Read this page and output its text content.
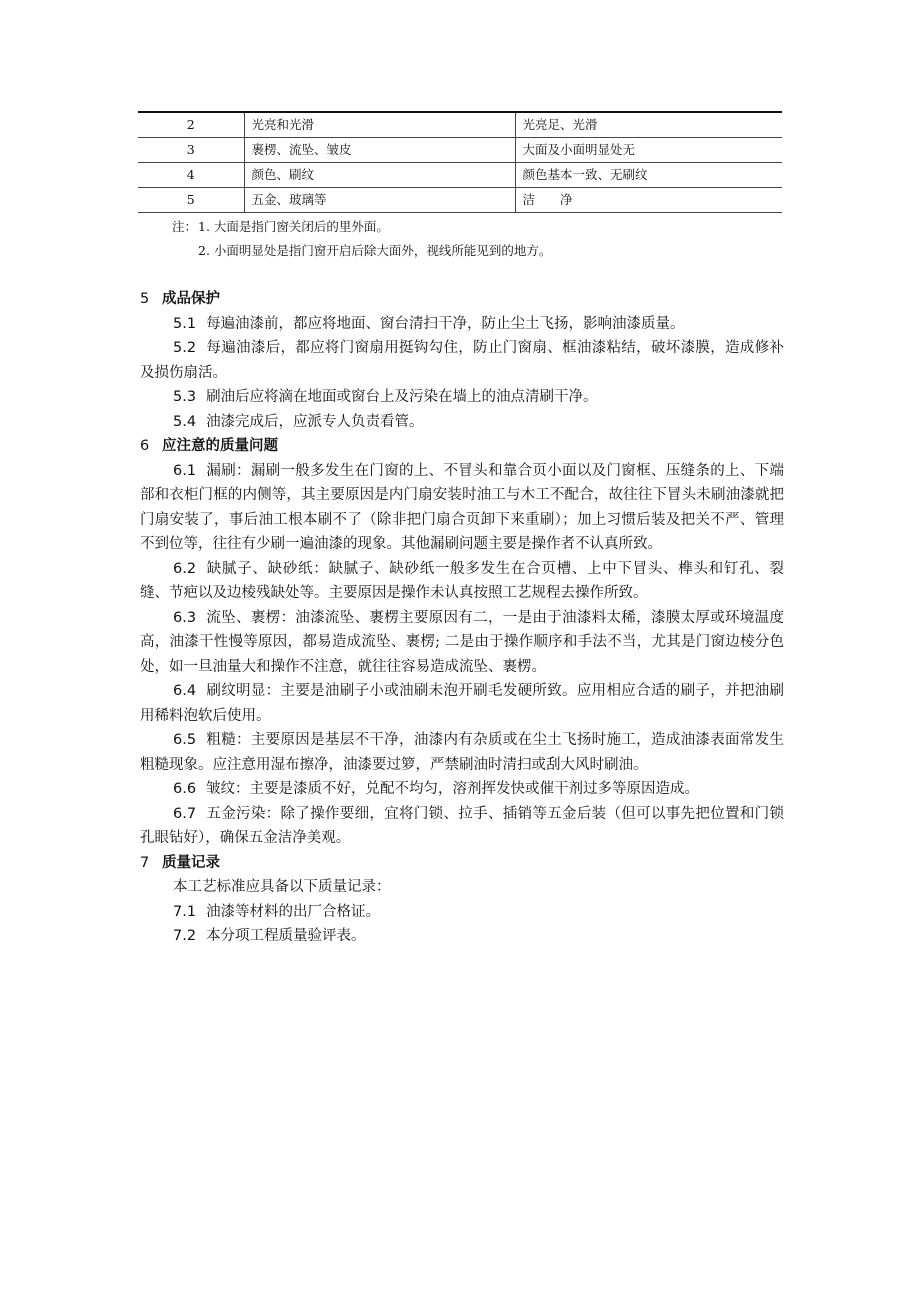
2	光亮和光滑	光亮足、光滑
3	裹楞、流坠、皱皮	大面及小面明显处无
4	颜色、刷纹	颜色基本一致、无刷纹
5	五金、玻璃等	洁　　净
注：1. 大面是指门窗关闭后的里外面。
2. 小面明显处是指门窗开启后除大面外，视线所能见到的地方。
5 成品保护
5.1 每遍油漆前，都应将地面、窗台清扫干净，防止尘土飞扬，影响油漆质量。
5.2 每遍油漆后，都应将门窗扇用挺钩勾住，防止门窗扇、框油漆粘结，破坏漆膜，造成修补及损伤扇活。
5.3 刷油后应将滴在地面或窗台上及污染在墙上的油点清刷干净。
5.4 油漆完成后，应派专人负责看管。
6 应注意的质量问题
6.1 漏刷：漏刷一般多发生在门窗的上、不冒头和靠合页小面以及门窗框、压缝条的上、下端部和衣柜门框的内侧等，其主要原因是内门扇安装时油工与木工不配合，故往往下冒头未刷油漆就把门扇安装了，事后油工根本刷不了（除非把门扇合页卸下来重刷）；加上习惯后装及把关不严、管理不到位等，往往有少刷一遍油漆的现象。其他漏刷问题主要是操作者不认真所致。
6.2 缺腻子、缺砂纸：缺腻子、缺砂纸一般多发生在合页槽、上中下冒头、榫头和钉孔、裂缝、节疤以及边棱残缺处等。主要原因是操作未认真按照工艺规程去操作所致。
6.3 流坠、裹楞：油漆流坠、裹楞主要原因有二，一是由于油漆料太稀，漆膜太厚或环境温度高，油漆干性慢等原因，都易造成流坠、裹楞; 二是由于操作顺序和手法不当，尤其是门窗边棱分色处，如一旦油量大和操作不注意，就往往容易造成流坠、裹楞。
6.4 刷纹明显：主要是油刷子小或油刷未泡开刷毛发硬所致。应用相应合适的刷子，并把油刷用稀料泡软后使用。
6.5 粗糙：主要原因是基层不干净，油漆内有杂质或在尘土飞扬时施工，造成油漆表面常发生粗糙现象。应注意用湿布擦净，油漆要过箩，严禁刷油时清扫或刮大风时刷油。
6.6 皱纹：主要是漆质不好，兑配不均匀，溶剂挥发快或催干剂过多等原因造成。
6.7 五金污染：除了操作要细，宜将门锁、拉手、插销等五金后装（但可以事先把位置和门锁孔眼钻好），确保五金洁净美观。
7 质量记录
本工艺标准应具备以下质量记录：
7.1 油漆等材料的出厂合格证。
7.2 本分项工程质量验评表。
